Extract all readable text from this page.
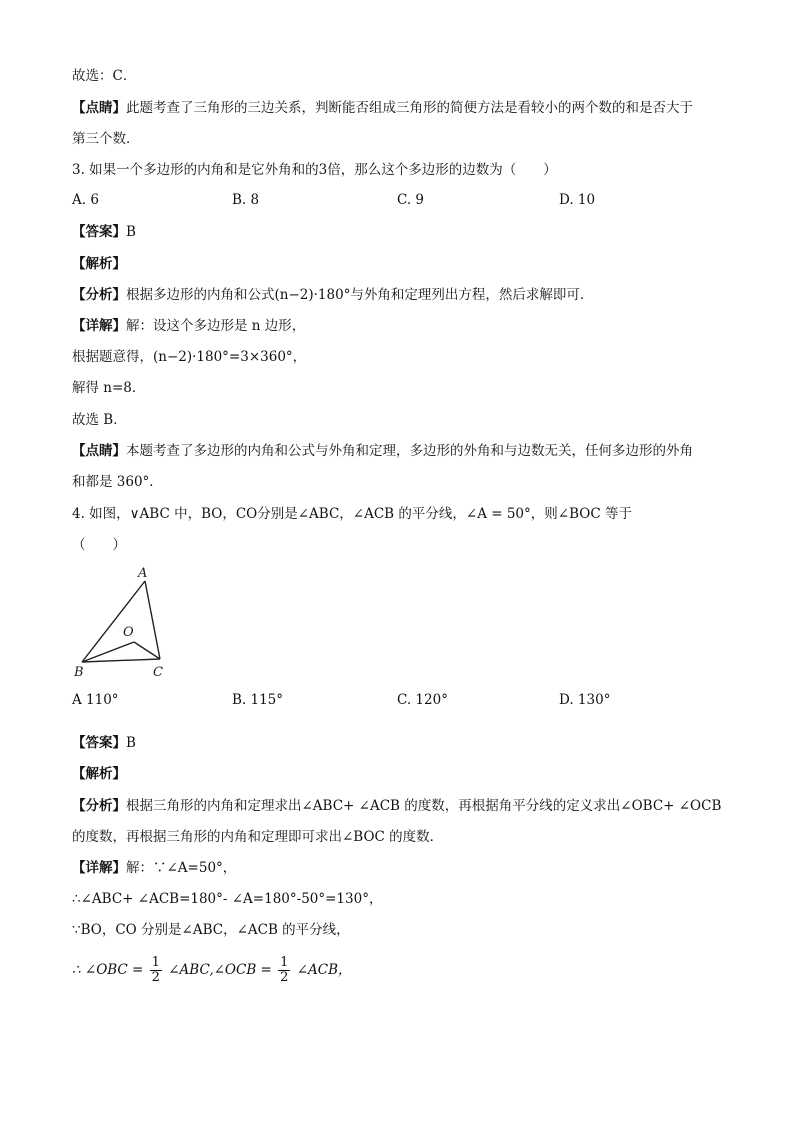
故选：C．
【点睛】此题考查了三角形的三边关系，判断能否组成三角形的简便方法是看较小的两个数的和是否大于
第三个数．
3. 如果一个多边形的内角和是它外角和的3倍，那么这个多边形的边数为（　　）
A. 6	B. 8	C. 9	D. 10
【答案】B
【解析】
【分析】根据多边形的内角和公式(n−2)·180°与外角和定理列出方程，然后求解即可．
【详解】解：设这个多边形是 n 边形，
根据题意得，(n−2)·180°=3×360°，
解得 n=8．
故选 B．
【点睛】本题考查了多边形的内角和公式与外角和定理，多边形的外角和与边数无关，任何多边形的外角
和都是 360°．
4. 如图，∨ABC 中，BO，CO分别是∠ABC，∠ACB 的平分线，∠A = 50°，则∠BOC 等于
（　　）
A
B	C
O
A 110°	B. 115°	C. 120°	D. 130°
【答案】B
【解析】
【分析】根据三角形的内角和定理求出∠ABC+ ∠ACB 的度数，再根据角平分线的定义求出∠OBC+ ∠OCB
的度数，再根据三角形的内角和定理即可求出∠BOC 的度数．
【详解】解：∵∠A=50°，
∴∠ABC+ ∠ACB=180°- ∠A=180°-50°=130°，
∵BO，CO 分别是∠ABC，∠ACB 的平分线，
∴ ∠OBC = $\frac{1}{2}$ ∠ABC,∠OCB = $\frac{1}{2}$ ∠ACB，
